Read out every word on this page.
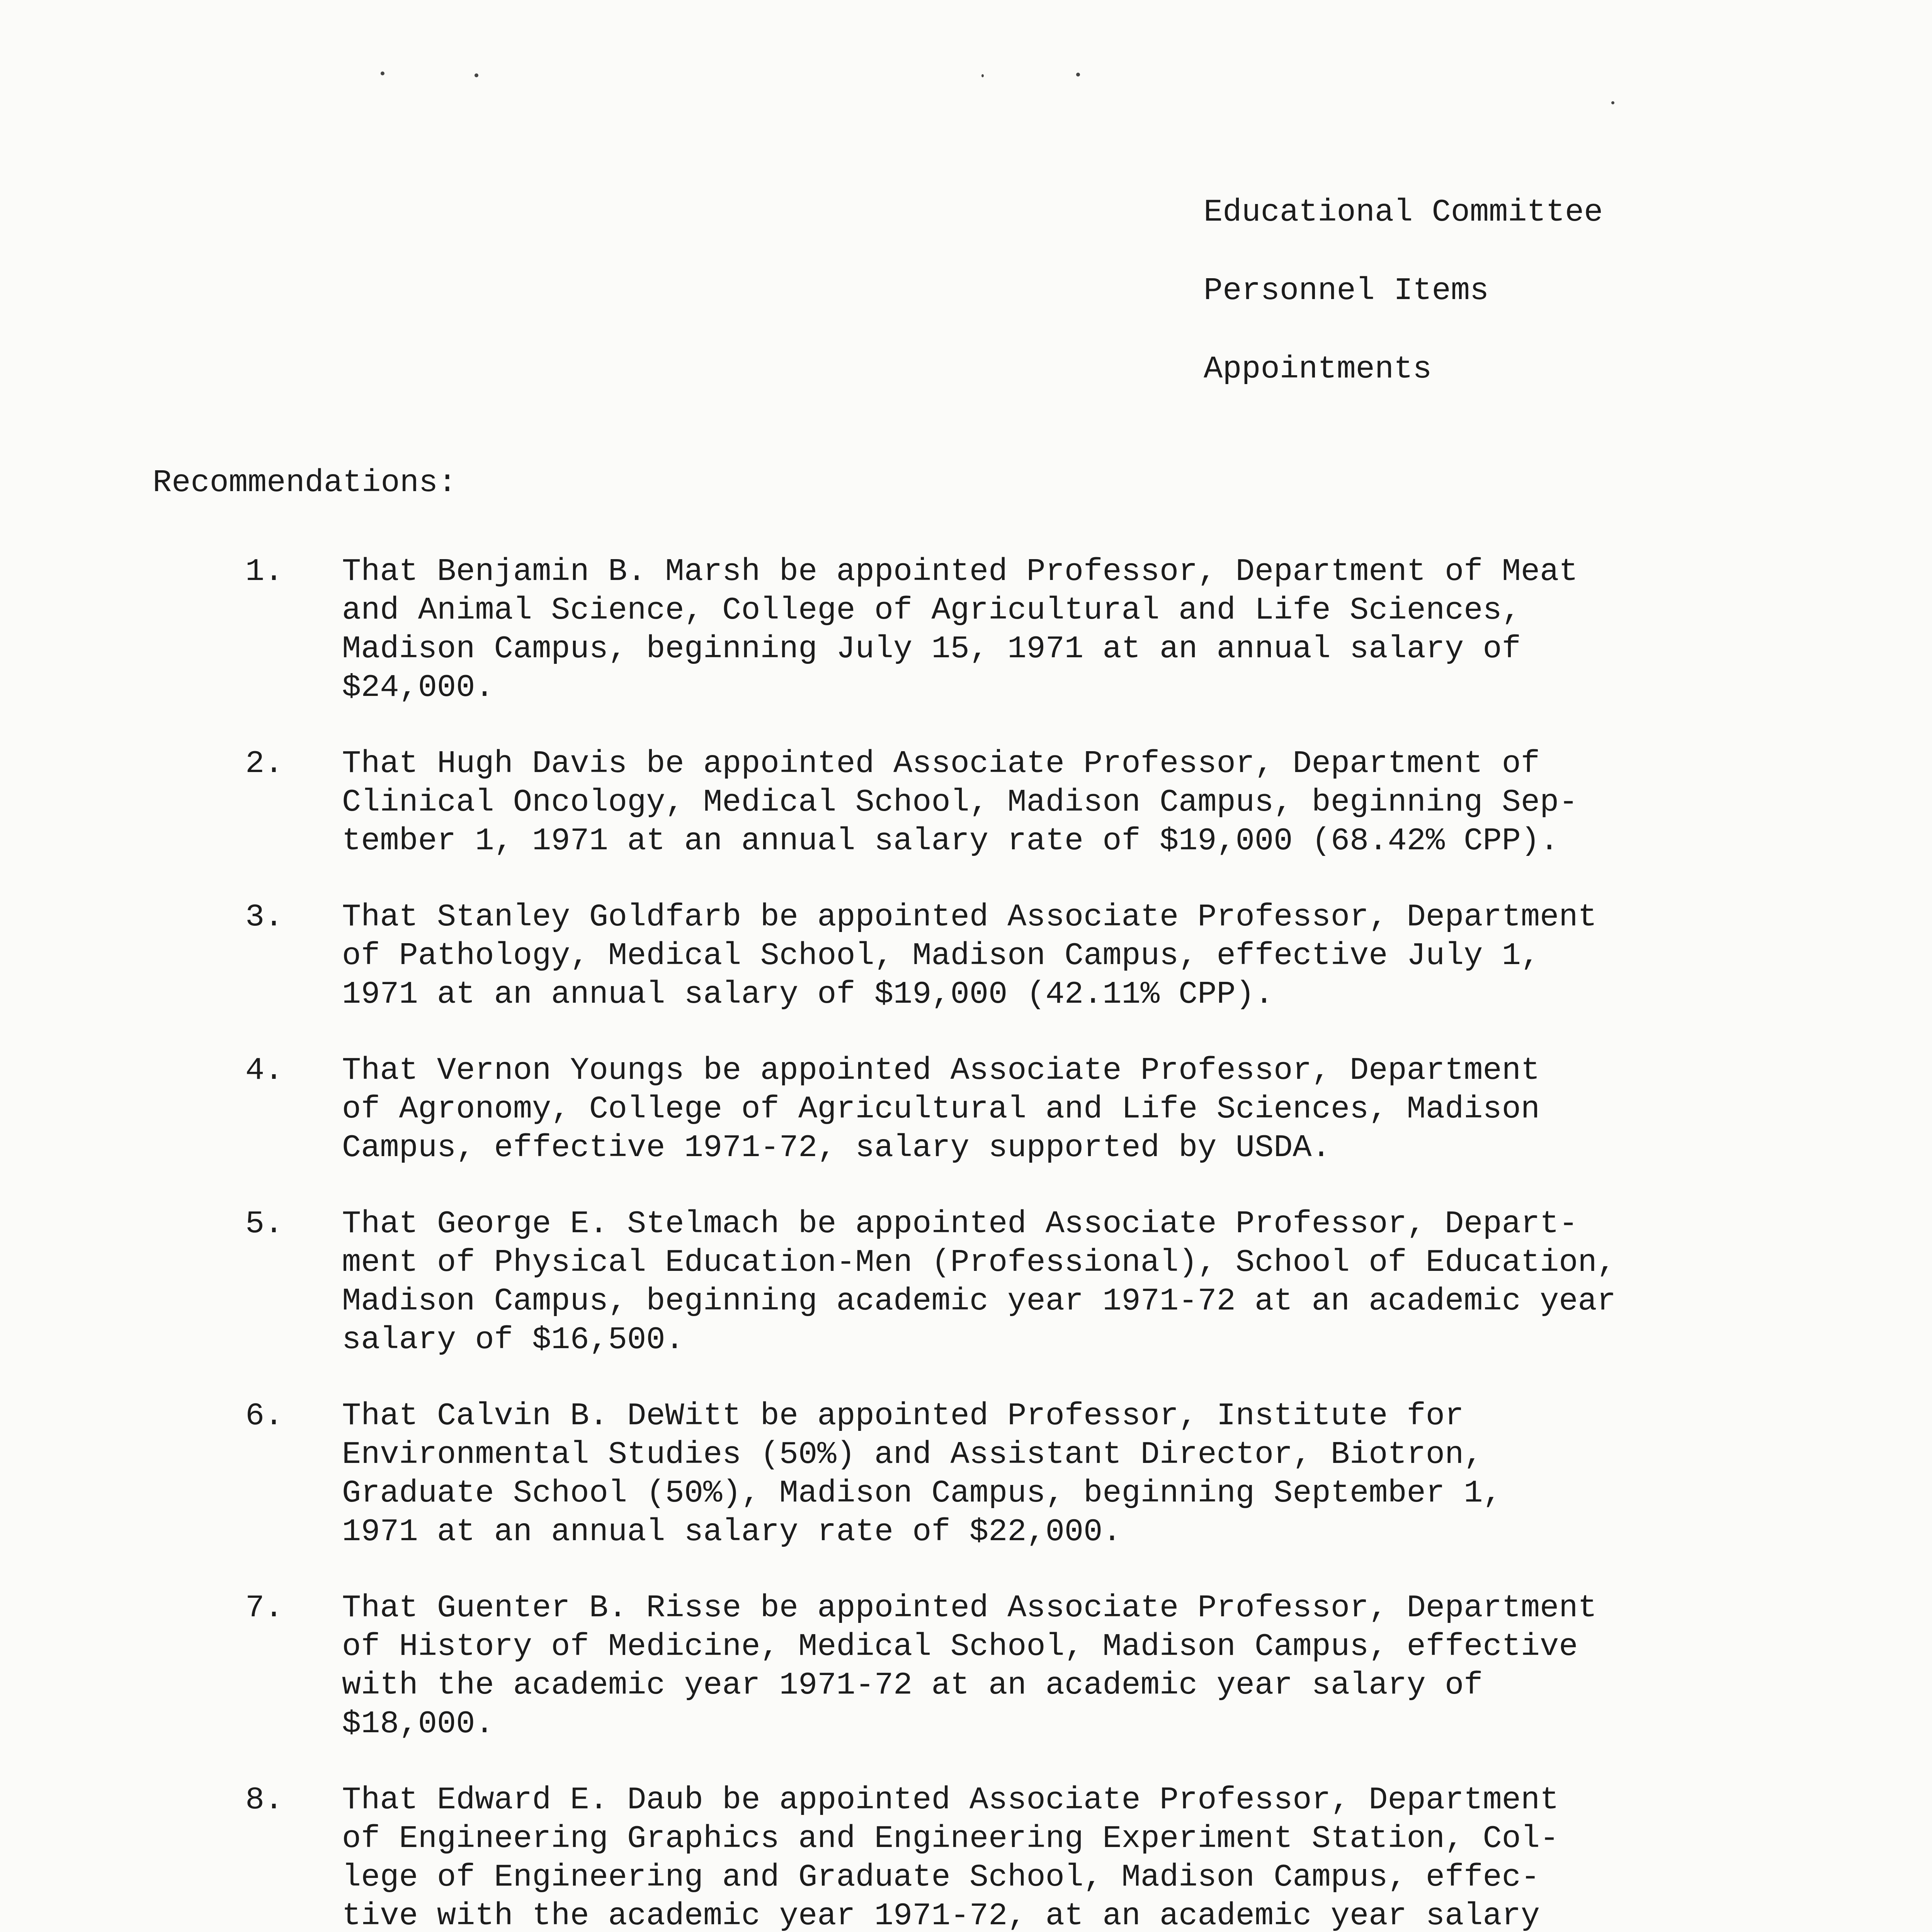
Educational Committee
Personnel Items
Appointments
Recommendations:
1. That Benjamin B. Marsh be appointed Professor, Department of Meat
and Animal Science, College of Agricultural and Life Sciences,
Madison Campus, beginning July 15, 1971 at an annual salary of
$24,000.
2. That Hugh Davis be appointed Associate Professor, Department of
Clinical Oncology, Medical School, Madison Campus, beginning Sep-
tember 1, 1971 at an annual salary rate of $19,000 (68.42% CPP).
3. That Stanley Goldfarb be appointed Associate Professor, Department
of Pathology, Medical School, Madison Campus, effective July 1,
1971 at an annual salary of $19,000 (42.11% CPP).
4. That Vernon Youngs be appointed Associate Professor, Department
of Agronomy, College of Agricultural and Life Sciences, Madison
Campus, effective 1971-72, salary supported by USDA.
5. That George E. Stelmach be appointed Associate Professor, Depart-
ment of Physical Education-Men (Professional), School of Education,
Madison Campus, beginning academic year 1971-72 at an academic year
salary of $16,500.
6. That Calvin B. DeWitt be appointed Professor, Institute for
Environmental Studies (50%) and Assistant Director, Biotron,
Graduate School (50%), Madison Campus, beginning September 1,
1971 at an annual salary rate of $22,000.
7. That Guenter B. Risse be appointed Associate Professor, Department
of History of Medicine, Medical School, Madison Campus, effective
with the academic year 1971-72 at an academic year salary of
$18,000.
8. That Edward E. Daub be appointed Associate Professor, Department
of Engineering Graphics and Engineering Experiment Station, Col-
lege of Engineering and Graduate School, Madison Campus, effec-
tive with the academic year 1971-72, at an academic year salary
